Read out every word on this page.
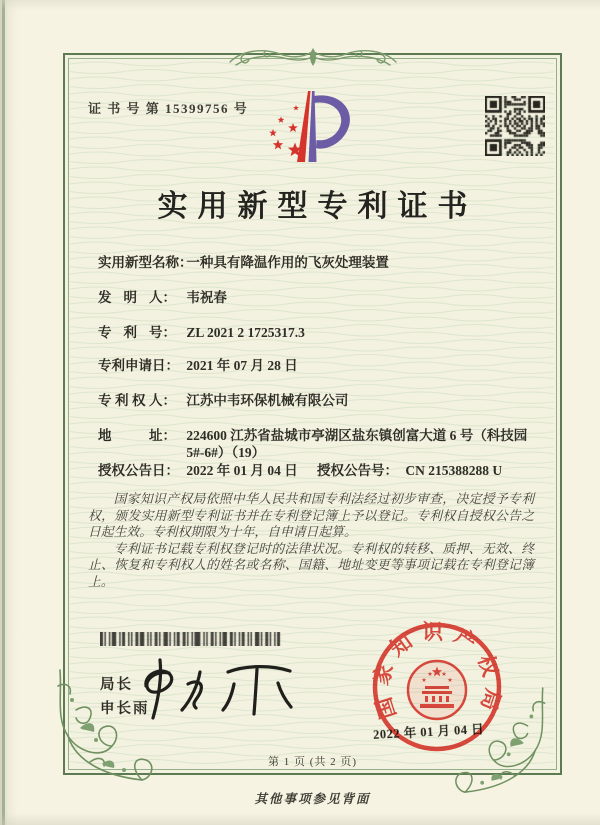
证 书 号 第 15399756 号
实用新型专利证书
实 用 新 型 名 称：
一种具有降温作用的飞灰处理装置
发 明 人： 韦祝春
专 利 号： ZL 2021 2 1725317.3
专 利 申 请 日： 2021 年 07 月 28 日
专 利 权 人： 江苏中韦环保机械有限公司
地	址： 224600 江苏省盐城市亭湖区盐东镇创富大道 6 号（科技园 5#-6#）（19）
授 权 公 告 日： 2022 年 01 月 04 日 授 权 公 告 号： CN 215388288 U

国家知识产权局依照中华人民共和国专利法经过初步审查，决定授予专利权，颁发实用新型专利证书并在专利登记簿上予以登记。专利权自授权公告之日起生效。专利权期限为十年，自申请日起算。

专利证书记载专利权登记时的法律状况。专利权的转移、质押、无效、终止、恢复和专利权人的姓名或名称、国籍、地址变更等事项记载在专利登记簿上。

局长
申长雨	国家知识产权局
2022 年 01 月 04 日
第 1 页 (共 2 页)
其他事项参见背面
